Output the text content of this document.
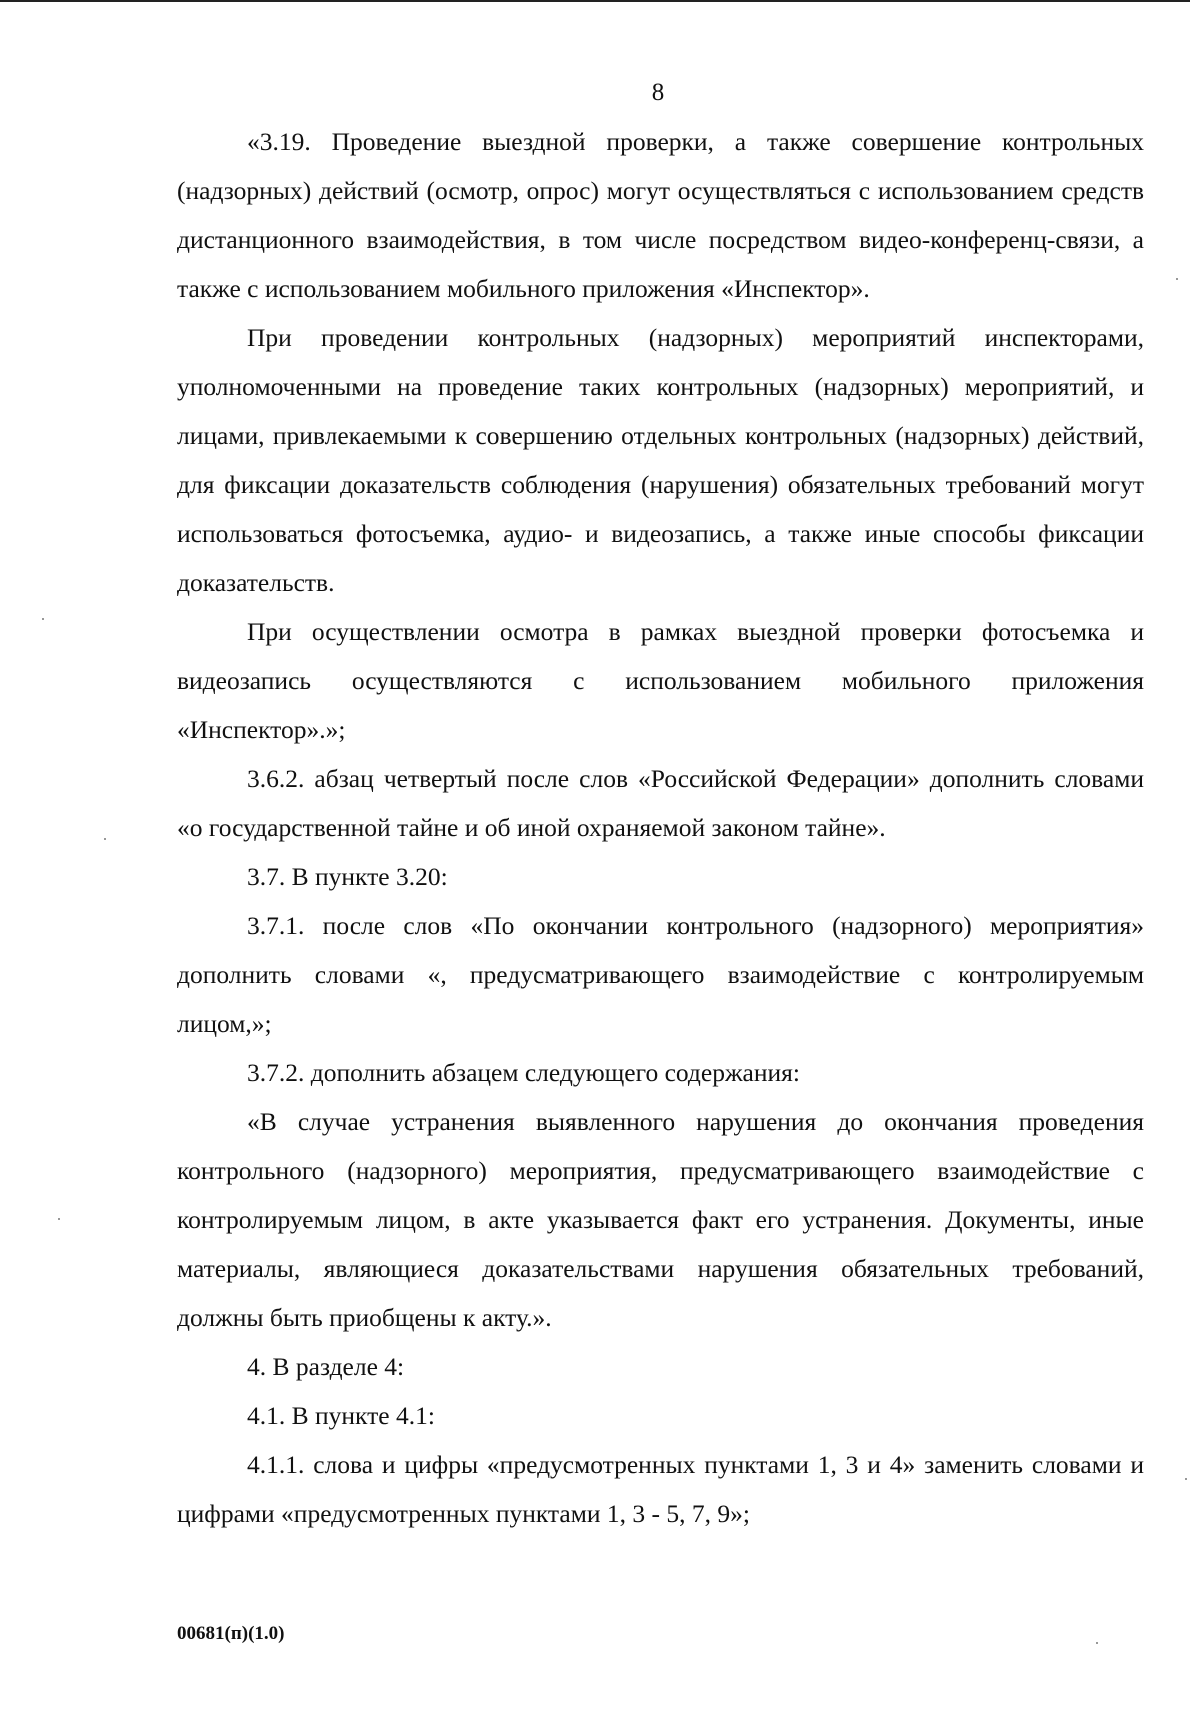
8

«3.19. Проведение выездной проверки, а также совершение контрольных (надзорных) действий (осмотр, опрос) могут осуществляться с использованием средств дистанционного взаимодействия, в том числе посредством видео-конференц-связи, а также с использованием мобильного приложения «Инспектор».

При проведении контрольных (надзорных) мероприятий инспекторами, уполномоченными на проведение таких контрольных (надзорных) мероприятий, и лицами, привлекаемыми к совершению отдельных контрольных (надзорных) действий, для фиксации доказательств соблюдения (нарушения) обязательных требований могут использоваться фотосъемка, аудио- и видеозапись, а также иные способы фиксации доказательств.

При осуществлении осмотра в рамках выездной проверки фотосъемка и видеозапись осуществляются с использованием мобильного приложения «Инспектор».»;

3.6.2. абзац четвертый после слов «Российской Федерации» дополнить словами «о государственной тайне и об иной охраняемой законом тайне».

3.7. В пункте 3.20:

3.7.1. после слов «По окончании контрольного (надзорного) мероприятия» дополнить словами «, предусматривающего взаимодействие с контролируемым лицом,»;

3.7.2. дополнить абзацем следующего содержания:

«В случае устранения выявленного нарушения до окончания проведения контрольного (надзорного) мероприятия, предусматривающего взаимодействие с контролируемым лицом, в акте указывается факт его устранения. Документы, иные материалы, являющиеся доказательствами нарушения обязательных требований, должны быть приобщены к акту.».

4. В разделе 4:

4.1. В пункте 4.1:

4.1.1. слова и цифры «предусмотренных пунктами 1, 3 и 4» заменить словами и цифрами «предусмотренных пунктами 1, 3 - 5, 7, 9»;

00681(п)(1.0)
